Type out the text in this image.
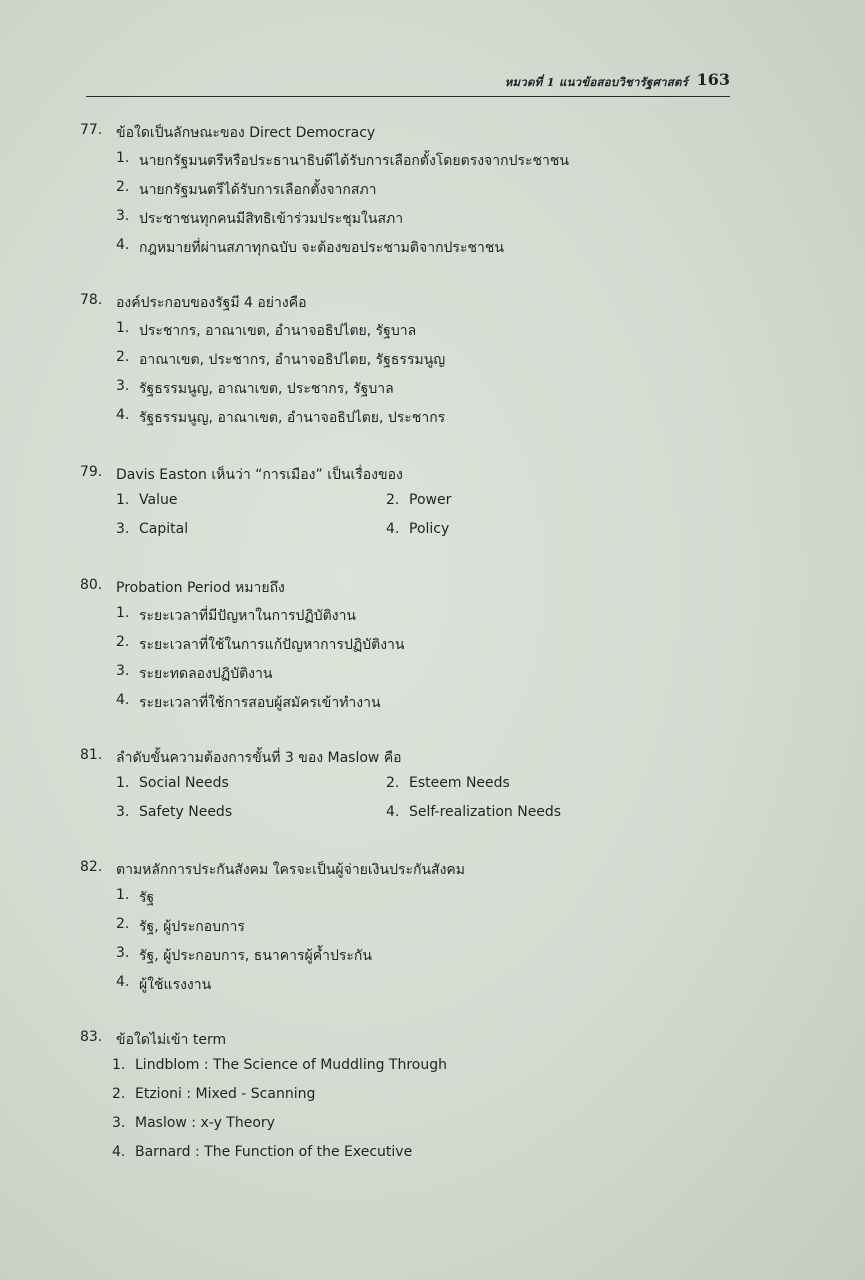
หมวดที่ 1 แนวข้อสอบวิชารัฐศาสตร์ 163
77. ข้อใดเป็นลักษณะของ Direct Democracy
1. นายกรัฐมนตรีหรือประธานาธิบดีได้รับการเลือกตั้งโดยตรงจากประชาชน
2. นายกรัฐมนตรีได้รับการเลือกตั้งจากสภา
3. ประชาชนทุกคนมีสิทธิเข้าร่วมประชุมในสภา
4. กฎหมายที่ผ่านสภาทุกฉบับ จะต้องขอประชามติจากประชาชน
78. องค์ประกอบของรัฐมี 4 อย่างคือ
1. ประชากร, อาณาเขต, อำนาจอธิปไตย, รัฐบาล
2. อาณาเขต, ประชากร, อำนาจอธิปไตย, รัฐธรรมนูญ
3. รัฐธรรมนูญ, อาณาเขต, ประชากร, รัฐบาล
4. รัฐธรรมนูญ, อาณาเขต, อำนาจอธิปไตย, ประชากร
79. Davis Easton เห็นว่า “การเมือง” เป็นเรื่องของ
1. Value	2. Power
3. Capital	4. Policy
80. Probation Period หมายถึง
1. ระยะเวลาที่มีปัญหาในการปฏิบัติงาน
2. ระยะเวลาที่ใช้ในการแก้ปัญหาการปฏิบัติงาน
3. ระยะทดลองปฏิบัติงาน
4. ระยะเวลาที่ใช้การสอบผู้สมัครเข้าทำงาน
81. ลำดับขั้นความต้องการขั้นที่ 3 ของ Maslow คือ
1. Social Needs	2. Esteem Needs
3. Safety Needs	4. Self-realization Needs
82. ตามหลักการประกันสังคม ใครจะเป็นผู้จ่ายเงินประกันสังคม
1. รัฐ
2. รัฐ, ผู้ประกอบการ
3. รัฐ, ผู้ประกอบการ, ธนาคารผู้ค้ำประกัน
4. ผู้ใช้แรงงาน
83. ข้อใดไม่เข้า term
1. Lindblom : The Science of Muddling Through
2. Etzioni : Mixed - Scanning
3. Maslow : x-y Theory
4. Barnard : The Function of the Executive
